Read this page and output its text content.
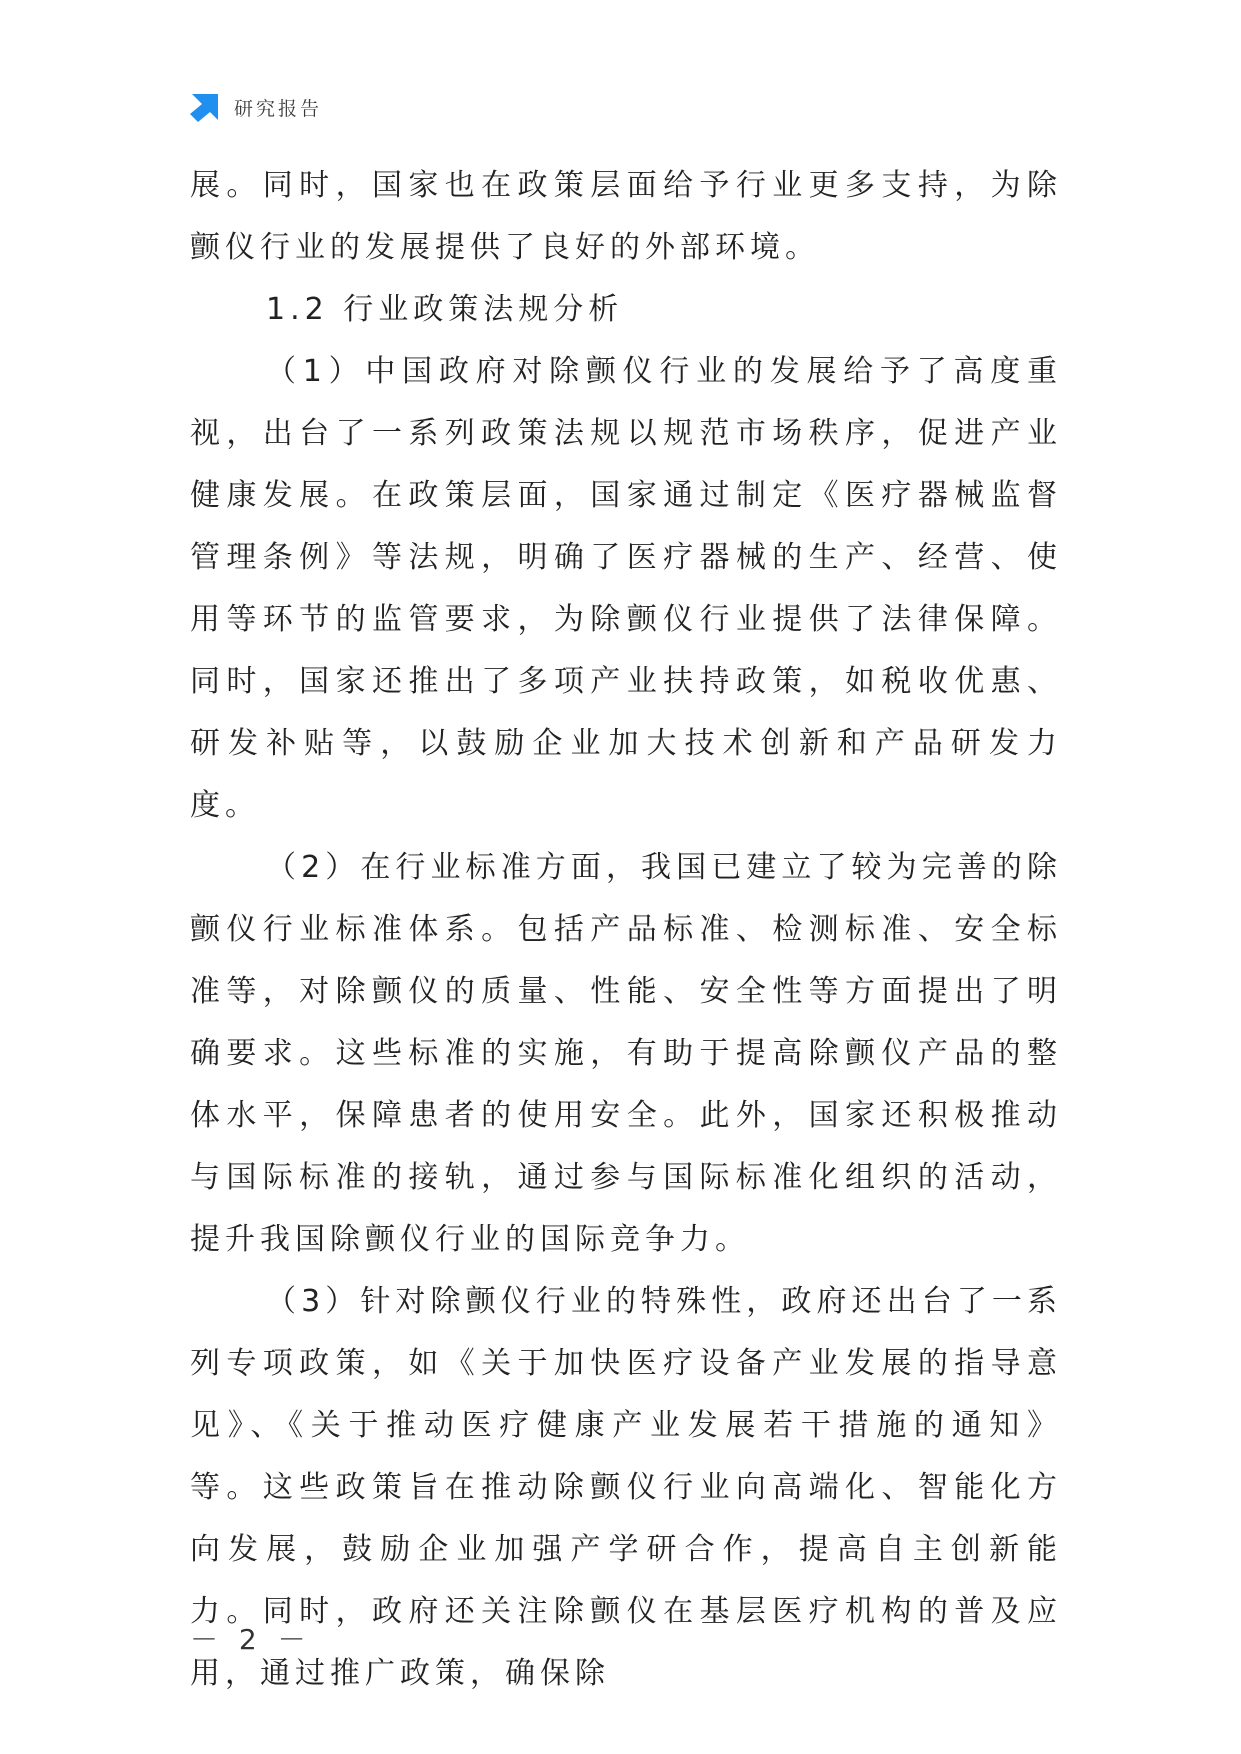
研究报告

展。同时，国家也在政策层面给予行业更多支持，为除颤仪行业的发展提供了良好的外部环境。

1.2 行业政策法规分析

（1）中国政府对除颤仪行业的发展给予了高度重视，出台了一系列政策法规以规范市场秩序，促进产业健康发展。在政策层面，国家通过制定《医疗器械监督管理条例》等法规，明确了医疗器械的生产、经营、使用等环节的监管要求，为除颤仪行业提供了法律保障。同时，国家还推出了多项产业扶持政策，如税收优惠、研发补贴等，以鼓励企业加大技术创新和产品研发力度。

（2）在行业标准方面，我国已建立了较为完善的除颤仪行业标准体系。包括产品标准、检测标准、安全标准等，对除颤仪的质量、性能、安全性等方面提出了明确要求。这些标准的实施，有助于提高除颤仪产品的整体水平，保障患者的使用安全。此外，国家还积极推动与国际标准的接轨，通过参与国际标准化组织的活动，提升我国除颤仪行业的国际竞争力。

（3）针对除颤仪行业的特殊性，政府还出台了一系列专项政策，如《关于加快医疗设备产业发展的指导意见》、《关于推动医疗健康产业发展若干措施的通知》等。这些政策旨在推动除颤仪行业向高端化、智能化方向发展，鼓励企业加强产学研合作，提高自主创新能力。同时，政府还关注除颤仪在基层医疗机构的普及应用，通过推广政策，确保除

－ 2 －
